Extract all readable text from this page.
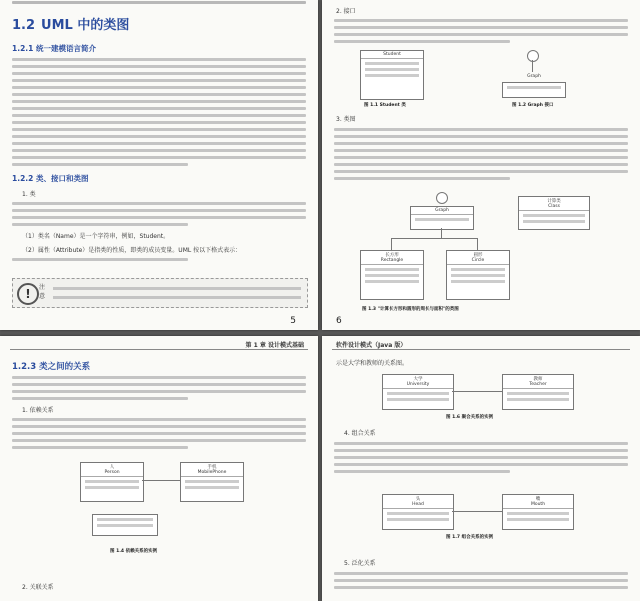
1.2 UML 中的类图
1.2.1 统一建模语言简介
1.2.2 类、接口和类图
1. 类
（1）类名（Name）是一个字符串，例如，Student。
（2）属性（Attribute）是指类的性质，即类的成员变量。UML 按以下格式表示：
!	注
意
5
2. 接口
Student
Graph
图 1.1 Student 类	图 1.2 Graph 接口
3. 类图
Graph
计算类
Class
长方形
Rectangle
圆形
Circle
图 1.3 "计算长方形和圆形的周长与面积"的类图
6
第 1 章 设计模式基础
1.2.3 类之间的关系
1. 依赖关系
人
Person
手机
MobilePhone
图 1.4 依赖关系的实例
2. 关联关系
软件设计模式（Java 版）
示是大学和教师的关系图。
大学
University
教师
Teacher
图 1.6 聚合关系的实例
4. 组合关系
头
Head
嘴
Mouth
图 1.7 组合关系的实例
5. 泛化关系
